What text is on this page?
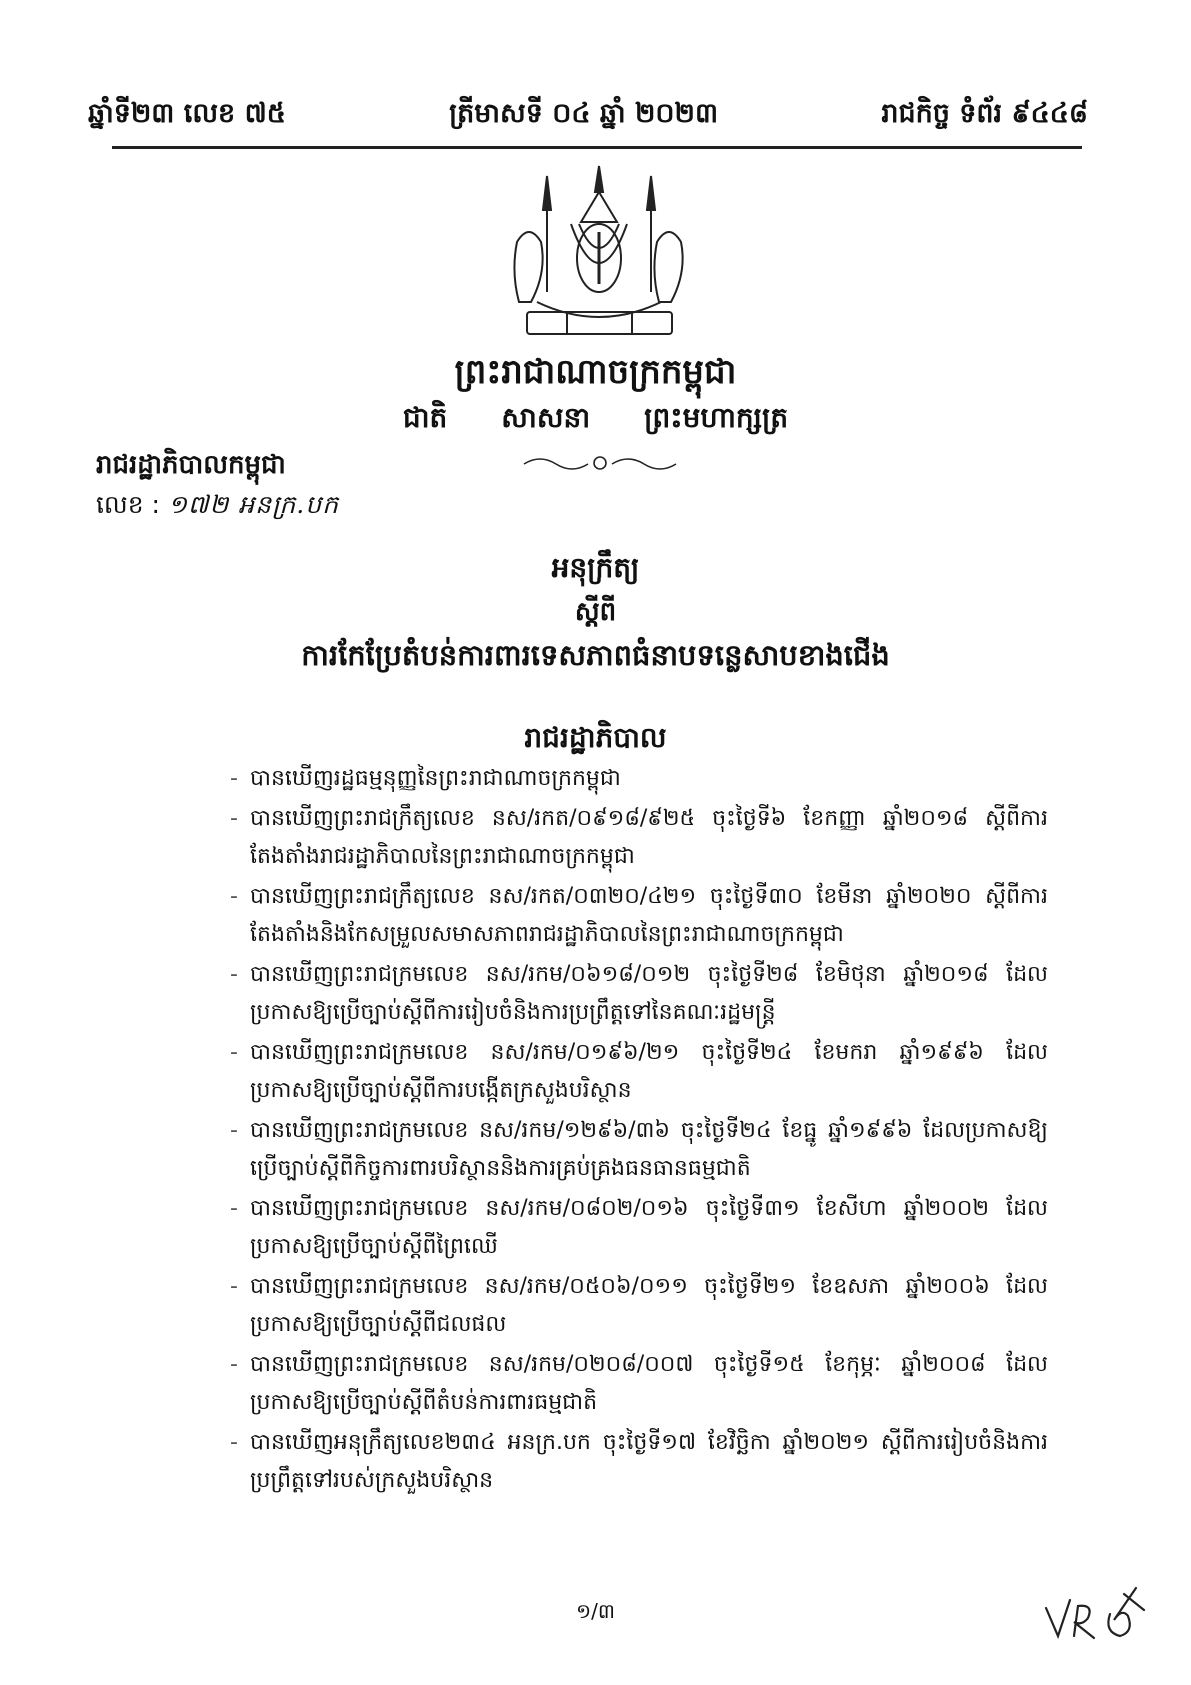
ឆ្នាំទី២៣ លេខ ៧៥	ត្រីមាសទី ០៤ ឆ្នាំ ២០២៣	រាជកិច្ច ទំព័រ ៩៤៤៨
ព្រះរាជាណាចក្រកម្ពុជា
ជាតិ សាសនា ព្រះមហាក្សត្រ
រាជរដ្ឋាភិបាលកម្ពុជា
លេខ : ១៧២ អនក្រ.បក
អនុក្រឹត្យ
ស្តីពី
ការកែប្រែតំបន់ការពារទេសភាពធំនាបទន្លេសាបខាងជើង
រាជរដ្ឋាភិបាល
- បានឃើញរដ្ឋធម្មនុញ្ញនៃព្រះរាជាណាចក្រកម្ពុជា
- បានឃើញព្រះរាជក្រឹត្យលេខ នស/រកត/០៩១៨/៩២៥ ចុះថ្ងៃទី៦ ខែកញ្ញា ឆ្នាំ២០១៨ ស្តីពីការតែងតាំងរាជរដ្ឋាភិបាលនៃព្រះរាជាណាចក្រកម្ពុជា
- បានឃើញព្រះរាជក្រឹត្យលេខ នស/រកត/០៣២០/៤២១ ចុះថ្ងៃទី៣០ ខែមីនា ឆ្នាំ២០២០ ស្តីពីការតែងតាំងនិងកែសម្រួលសមាសភាពរាជរដ្ឋាភិបាលនៃព្រះរាជាណាចក្រកម្ពុជា
- បានឃើញព្រះរាជក្រមលេខ នស/រកម/០៦១៨/០១២ ចុះថ្ងៃទី២៨ ខែមិថុនា ឆ្នាំ២០១៨ ដែលប្រកាសឱ្យប្រើច្បាប់ស្តីពីការរៀបចំនិងការប្រព្រឹត្តទៅនៃគណៈរដ្ឋមន្ត្រី
- បានឃើញព្រះរាជក្រមលេខ នស/រកម/០១៩៦/២១ ចុះថ្ងៃទី២៤ ខែមករា ឆ្នាំ១៩៩៦ ដែលប្រកាសឱ្យប្រើច្បាប់ស្តីពីការបង្កើតក្រសួងបរិស្ថាន
- បានឃើញព្រះរាជក្រមលេខ នស/រកម/១២៩៦/៣៦ ចុះថ្ងៃទី២៤ ខែធ្នូ ឆ្នាំ១៩៩៦ ដែលប្រកាសឱ្យប្រើច្បាប់ស្តីពីកិច្ចការពារបរិស្ថាននិងការគ្រប់គ្រងធនធានធម្មជាតិ
- បានឃើញព្រះរាជក្រមលេខ នស/រកម/០៨០២/០១៦ ចុះថ្ងៃទី៣១ ខែសីហា ឆ្នាំ២០០២ ដែលប្រកាសឱ្យប្រើច្បាប់ស្តីពីព្រៃឈើ
- បានឃើញព្រះរាជក្រមលេខ នស/រកម/០៥០៦/០១១ ចុះថ្ងៃទី២១ ខែឧសភា ឆ្នាំ២០០៦ ដែលប្រកាសឱ្យប្រើច្បាប់ស្តីពីជលផល
- បានឃើញព្រះរាជក្រមលេខ នស/រកម/០២០៨/០០៧ ចុះថ្ងៃទី១៥ ខែកុម្ភៈ ឆ្នាំ២០០៨ ដែលប្រកាសឱ្យប្រើច្បាប់ស្តីពីតំបន់ការពារធម្មជាតិ
- បានឃើញអនុក្រឹត្យលេខ២៣៤ អនក្រ.បក ចុះថ្ងៃទី១៧ ខែវិច្ឆិកា ឆ្នាំ២០២១ ស្តីពីការរៀបចំនិងការប្រព្រឹត្តទៅរបស់ក្រសួងបរិស្ថាន
១/៣
